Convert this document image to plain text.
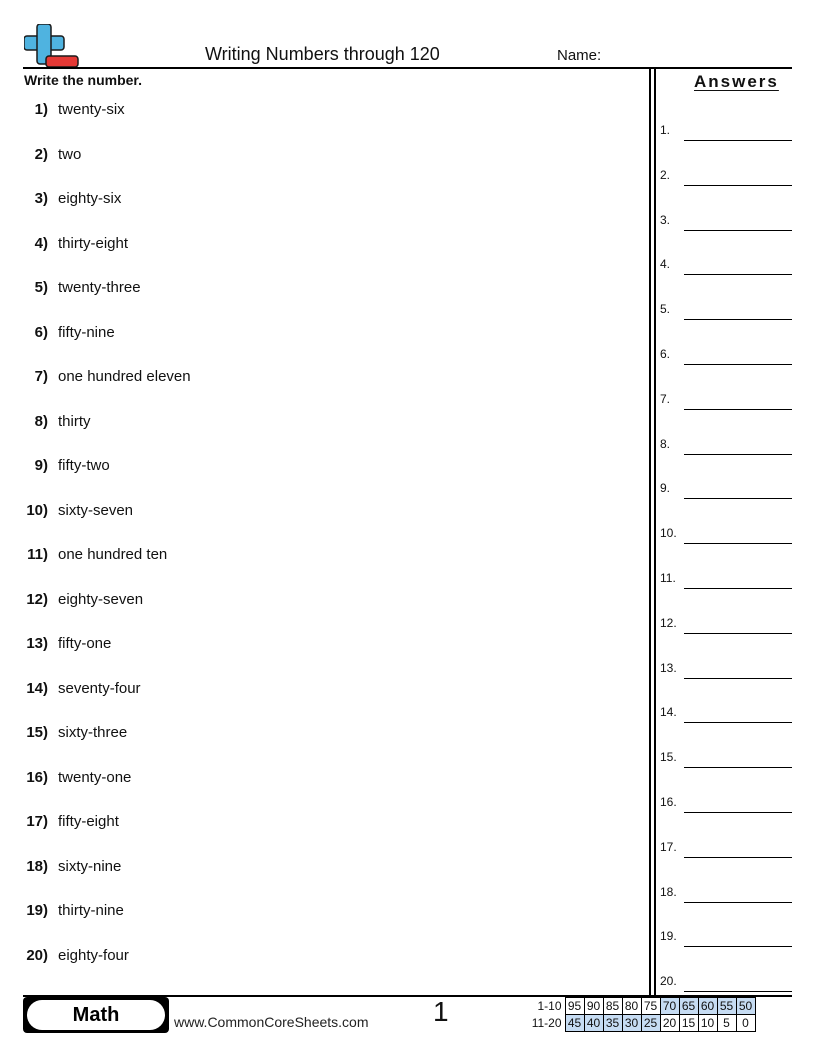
Writing Numbers through 120	Name:
Write the number.
1) twenty-six
2) two
3) eighty-six
4) thirty-eight
5) twenty-three
6) fifty-nine
7) one hundred eleven
8) thirty
9) fifty-two
10) sixty-seven
11) one hundred ten
12) eighty-seven
13) fifty-one
14) seventy-four
15) sixty-three
16) twenty-one
17) fifty-eight
18) sixty-nine
19) thirty-nine
20) eighty-four
Answers
1.
2.
3.
4.
5.
6.
7.
8.
9.
10.
11.
12.
13.
14.
15.
16.
17.
18.
19.
20.
Math	www.CommonCoreSheets.com 1	1-10	95	90	85	80	75	70	65	60	55	50
11-20	45	40	35	30	25	20	15	10	5	0
